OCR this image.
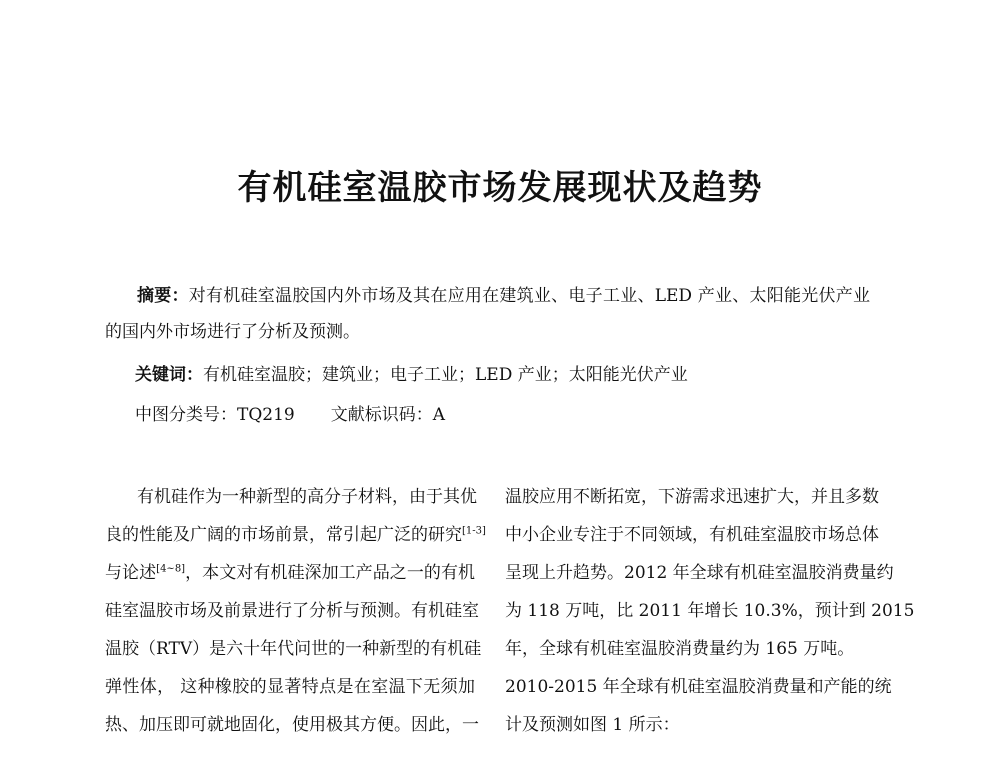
有机硅室温胶市场发展现状及趋势

摘要：对有机硅室温胶国内外市场及其在应用在建筑业、电子工业、LED 产业、太阳能光伏产业的国内外市场进行了分析及预测。

关键词：有机硅室温胶；建筑业；电子工业；LED 产业；太阳能光伏产业

中图分类号：TQ219 文献标识码：A

有机硅作为一种新型的高分子材料，由于其优
良的性能及广阔的市场前景，常引起广泛的研究[1-3]
与论述[4~8]，本文对有机硅深加工产品之一的有机
硅室温胶市场及前景进行了分析与预测。有机硅室
温胶（RTV）是六十年代问世的一种新型的有机硅
弹性体， 这种橡胶的显著特点是在室温下无须加
热、加压即可就地固化，使用极其方便。因此，一
温胶应用不断拓宽，下游需求迅速扩大，并且多数
中小企业专注于不同领域，有机硅室温胶市场总体
呈现上升趋势。2012 年全球有机硅室温胶消费量约
为 118 万吨，比 2011 年增长 10.3%，预计到 2015
年，全球有机硅室温胶消费量约为 165 万吨。
2010-2015 年全球有机硅室温胶消费量和产能的统
计及预测如图 1 所示：
